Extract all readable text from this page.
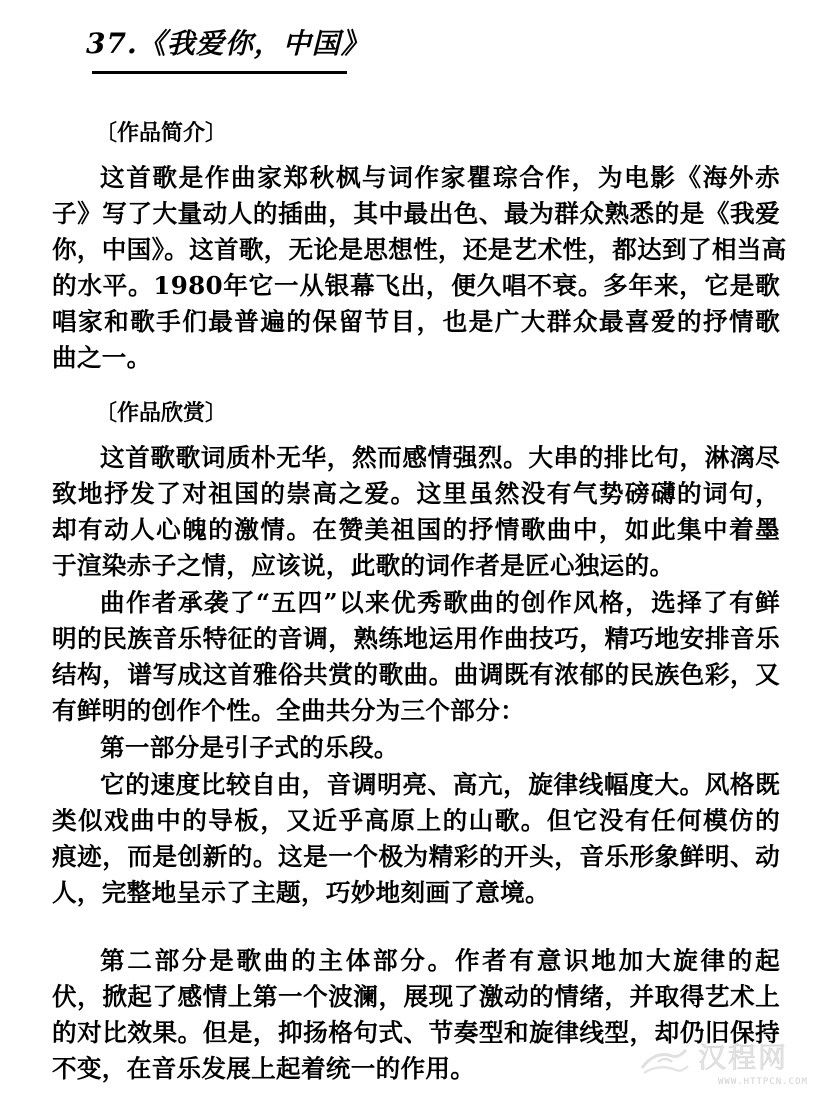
37.《我爱你，中国》
〔作品简介〕
这首歌是作曲家郑秋枫与词作家瞿琮合作，为电影《海外赤
子》写了大量动人的插曲，其中最出色、最为群众熟悉的是《我爱
你，中国》。这首歌，无论是思想性，还是艺术性，都达到了相当高
的水平。1980年它一从银幕飞出，便久唱不衰。多年来，它是歌
唱家和歌手们最普遍的保留节目，也是广大群众最喜爱的抒情歌
曲之一。
〔作品欣赏〕
这首歌歌词质朴无华，然而感情强烈。大串的排比句，淋漓尽
致地抒发了对祖国的崇高之爱。这里虽然没有气势磅礴的词句，
却有动人心魄的激情。在赞美祖国的抒情歌曲中，如此集中着墨
于渲染赤子之情，应该说，此歌的词作者是匠心独运的。
曲作者承袭了“五四”以来优秀歌曲的创作风格，选择了有鲜
明的民族音乐特征的音调，熟练地运用作曲技巧，精巧地安排音乐
结构，谱写成这首雅俗共赏的歌曲。曲调既有浓郁的民族色彩，又
有鲜明的创作个性。全曲共分为三个部分：
第一部分是引子式的乐段。
它的速度比较自由，音调明亮、高亢，旋律线幅度大。风格既
类似戏曲中的导板，又近乎高原上的山歌。但它没有任何模仿的
痕迹，而是创新的。这是一个极为精彩的开头，音乐形象鲜明、动
人，完整地呈示了主题，巧妙地刻画了意境。
第二部分是歌曲的主体部分。作者有意识地加大旋律的起
伏，掀起了感情上第一个波澜，展现了激动的情绪，并取得艺术上
的对比效果。但是，抑扬格句式、节奏型和旋律线型，却仍旧保持
不变，在音乐发展上起着统一的作用。	汉程网
WWW.HTTPCN.COM
